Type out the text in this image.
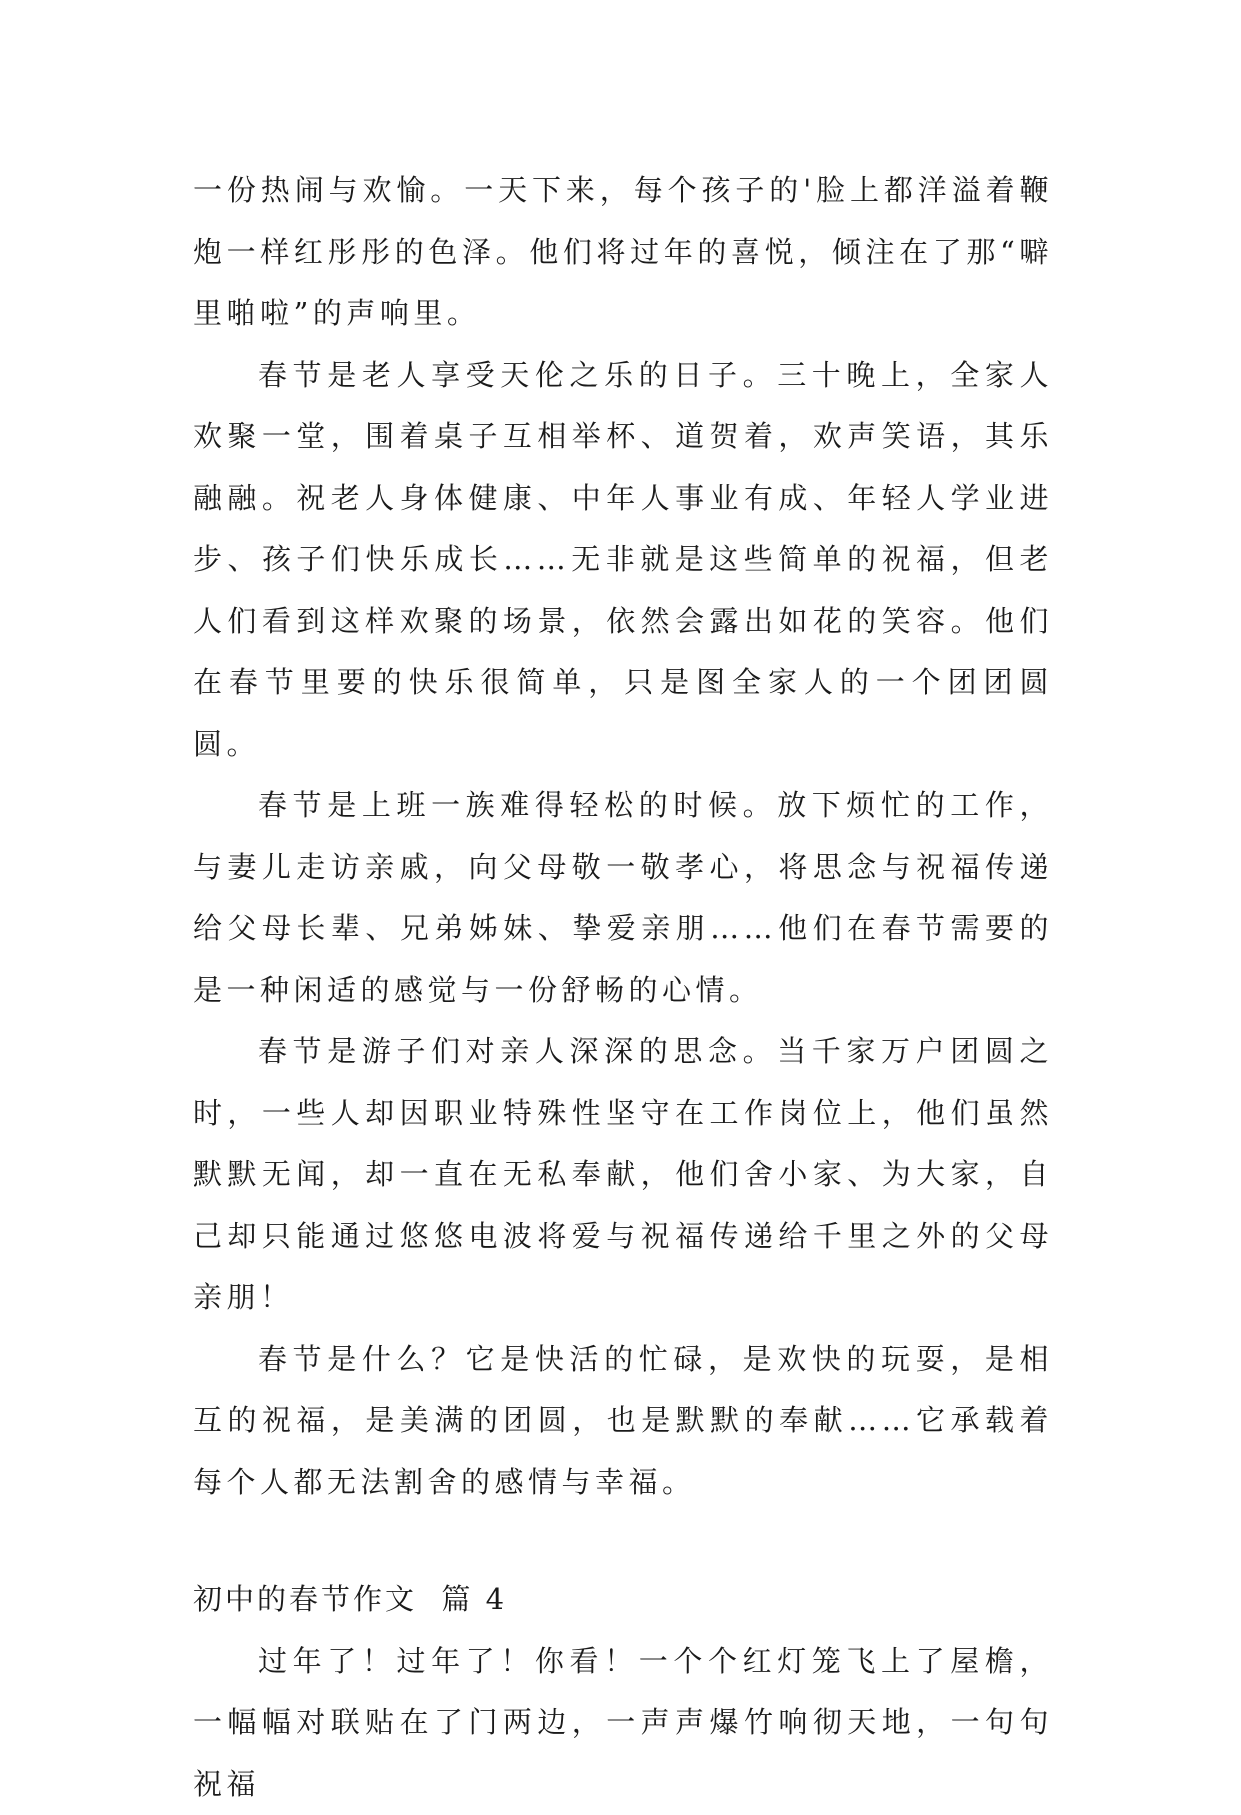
一份热闹与欢愉。一天下来，每个孩子的'脸上都洋溢着鞭炮一样红彤彤的色泽。他们将过年的喜悦，倾注在了那“噼里啪啦”的声响里。

春节是老人享受天伦之乐的日子。三十晚上，全家人欢聚一堂，围着桌子互相举杯、道贺着，欢声笑语，其乐融融。祝老人身体健康、中年人事业有成、年轻人学业进步、孩子们快乐成长……无非就是这些简单的祝福，但老人们看到这样欢聚的场景，依然会露出如花的笑容。他们在春节里要的快乐很简单，只是图全家人的一个团团圆圆。

春节是上班一族难得轻松的时候。放下烦忙的工作，与妻儿走访亲戚，向父母敬一敬孝心，将思念与祝福传递给父母长辈、兄弟姊妹、挚爱亲朋……他们在春节需要的是一种闲适的感觉与一份舒畅的心情。

春节是游子们对亲人深深的思念。当千家万户团圆之时，一些人却因职业特殊性坚守在工作岗位上，他们虽然默默无闻，却一直在无私奉献，他们舍小家、为大家，自己却只能通过悠悠电波将爱与祝福传递给千里之外的父母亲朋！

春节是什么？它是快活的忙碌，是欢快的玩耍，是相互的祝福，是美满的团圆，也是默默的奉献……它承载着每个人都无法割舍的感情与幸福。

初中的春节作文  篇 4

过年了！过年了！你看！一个个红灯笼飞上了屋檐，一幅幅对联贴在了门两边，一声声爆竹响彻天地，一句句祝福
